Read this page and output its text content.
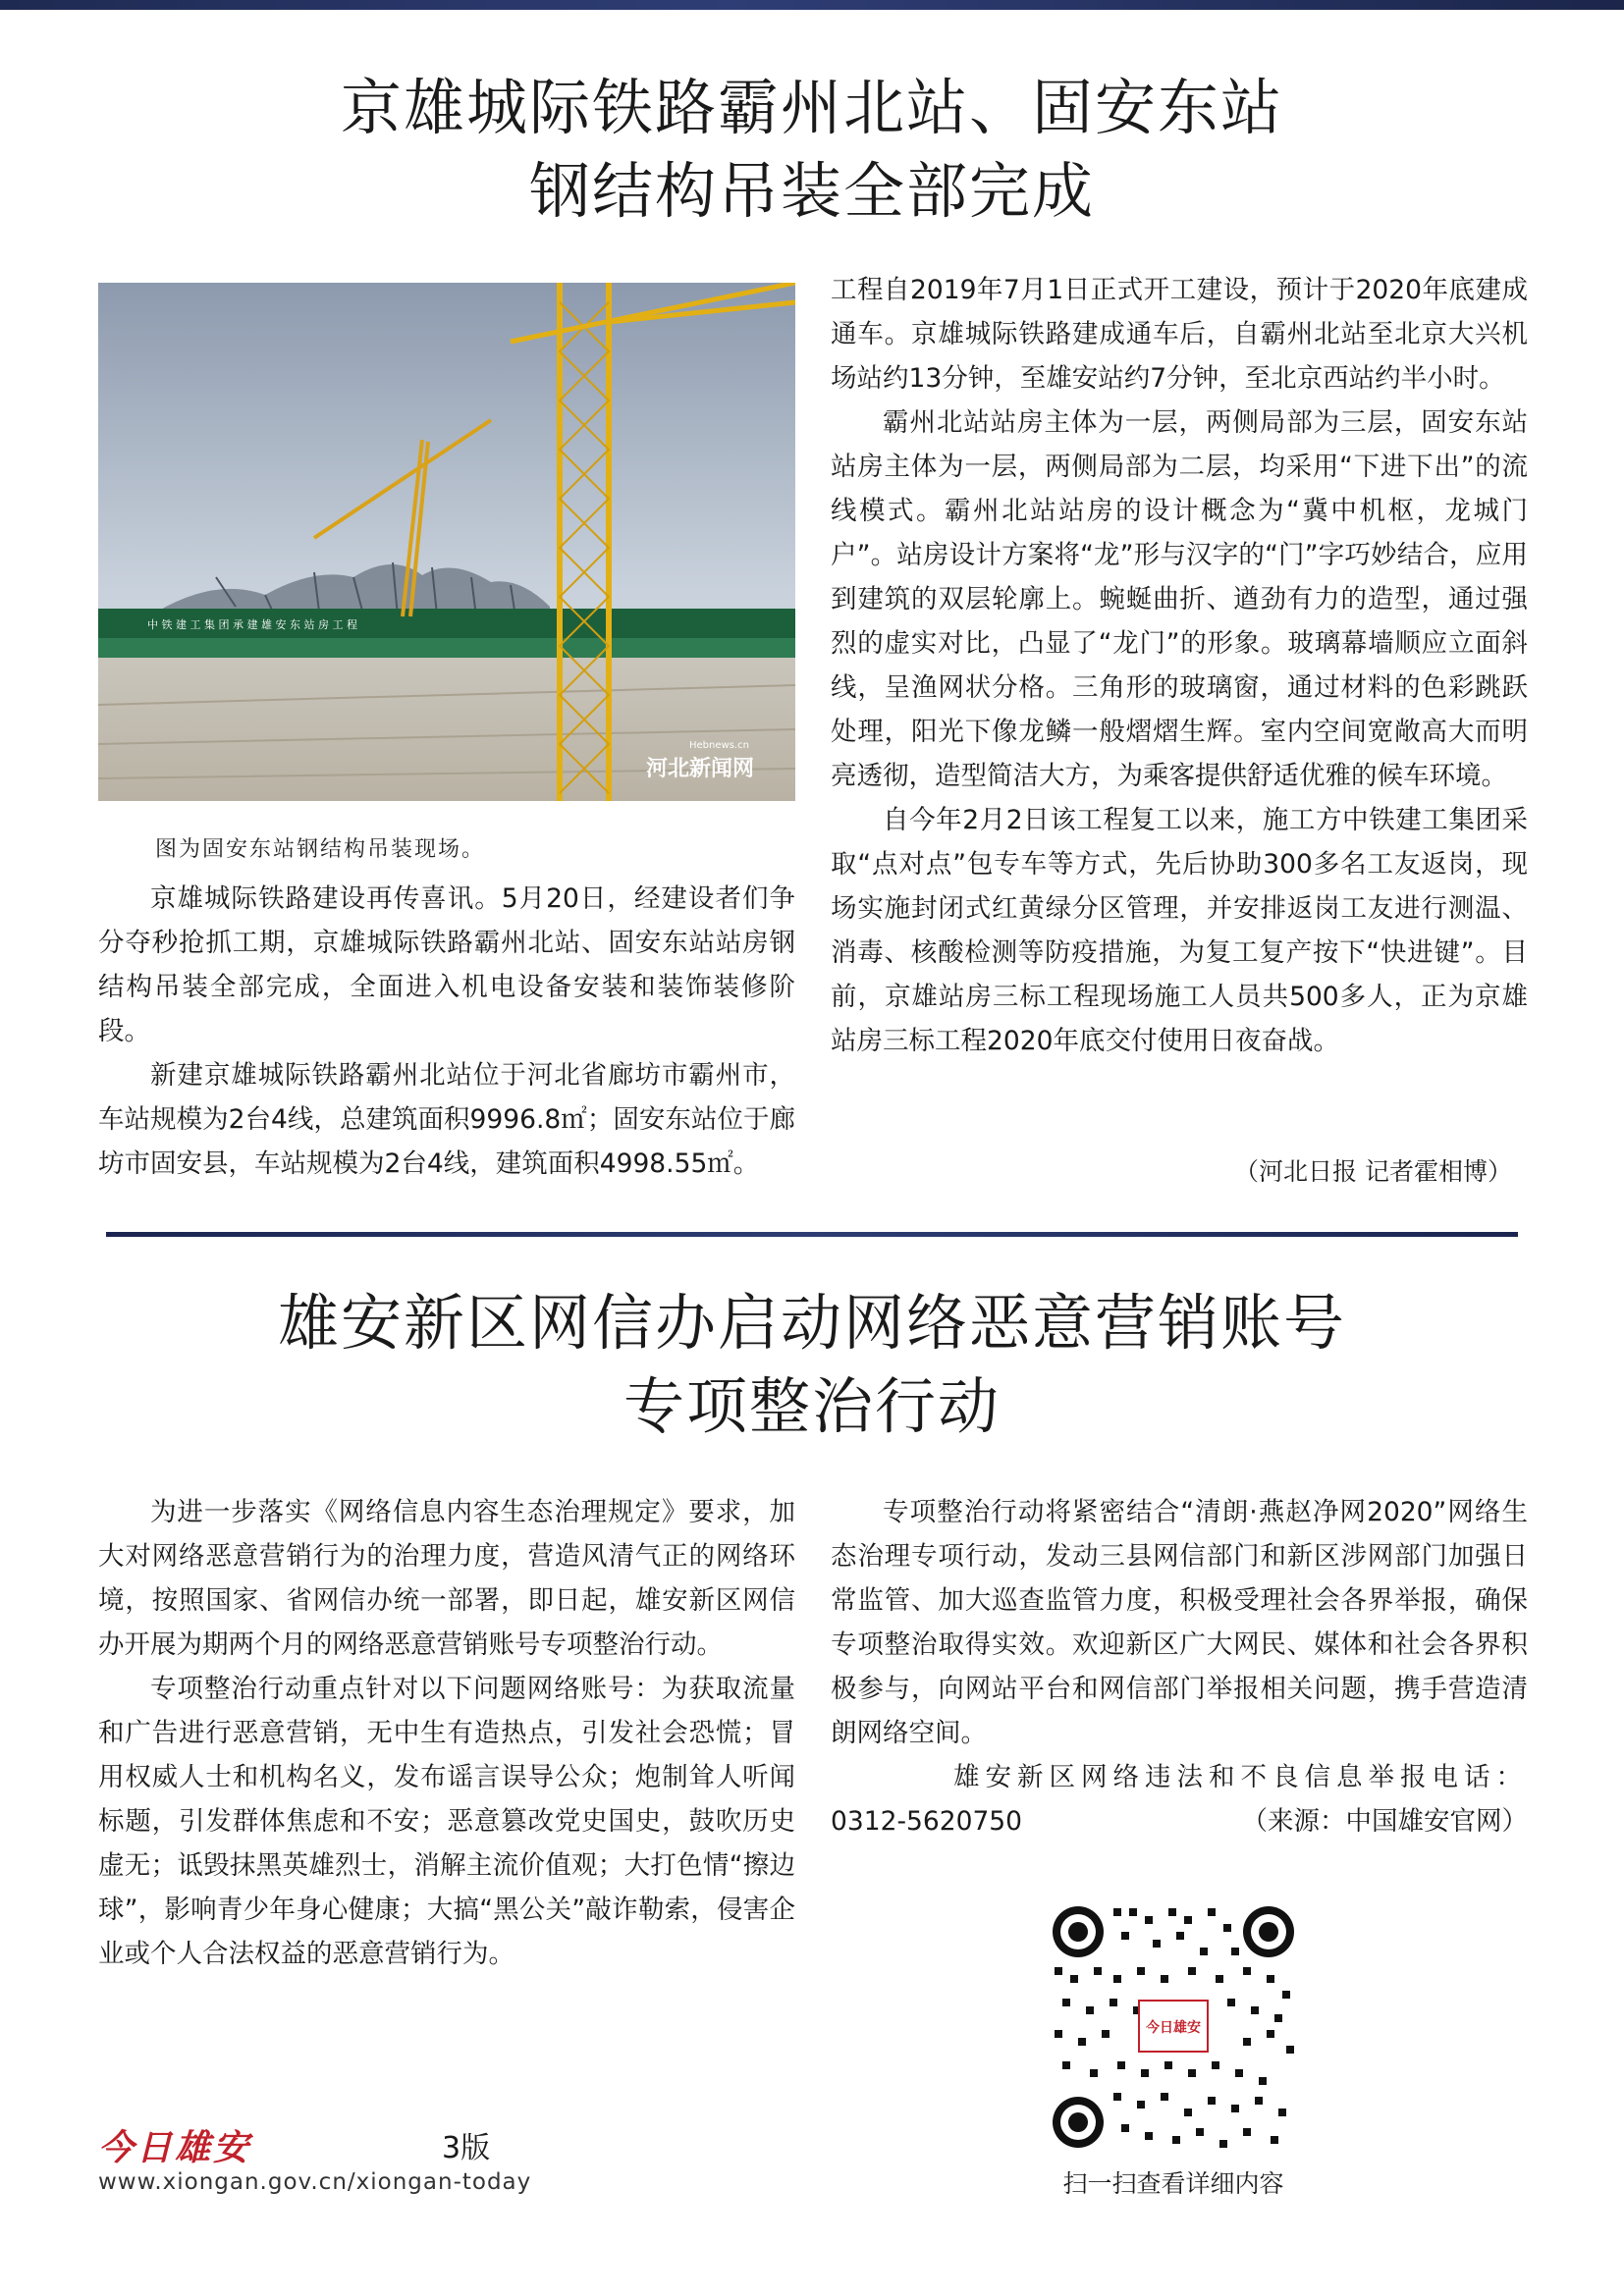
京雄城际铁路霸州北站、固安东站
钢结构吊装全部完成
中 铁 建 工 集 团 承 建 雄 安 东 站 房 工 程
Hebnews.cn
河北新闻网
图为固安东站钢结构吊装现场。

京雄城际铁路建设再传喜讯。5月20日，经建设者们争分夺秒抢抓工期，京雄城际铁路霸州北站、固安东站站房钢结构吊装全部完成，全面进入机电设备安装和装饰装修阶段。

新建京雄城际铁路霸州北站位于河北省廊坊市霸州市，车站规模为2台4线，总建筑面积9996.8㎡；固安东站位于廊坊市固安县，车站规模为2台4线，建筑面积4998.55㎡。

工程自2019年7月1日正式开工建设，预计于2020年底建成通车。京雄城际铁路建成通车后，自霸州北站至北京大兴机场站约13分钟，至雄安站约7分钟，至北京西站约半小时。

霸州北站站房主体为一层，两侧局部为三层，固安东站站房主体为一层，两侧局部为二层，均采用“下进下出”的流线模式。霸州北站站房的设计概念为“冀中机枢，龙城门户”。站房设计方案将“龙”形与汉字的“门”字巧妙结合，应用到建筑的双层轮廓上。蜿蜒曲折、遒劲有力的造型，通过强烈的虚实对比，凸显了“龙门”的形象。玻璃幕墙顺应立面斜线，呈渔网状分格。三角形的玻璃窗，通过材料的色彩跳跃处理，阳光下像龙鳞一般熠熠生辉。室内空间宽敞高大而明亮透彻，造型简洁大方，为乘客提供舒适优雅的候车环境。

自今年2月2日该工程复工以来，施工方中铁建工集团采取“点对点”包专车等方式，先后协助300多名工友返岗，现场实施封闭式红黄绿分区管理，并安排返岗工友进行测温、消毒、核酸检测等防疫措施，为复工复产按下“快进键”。目前，京雄站房三标工程现场施工人员共500多人，正为京雄站房三标工程2020年底交付使用日夜奋战。

（河北日报 记者霍相博）
雄安新区网信办启动网络恶意营销账号
专项整治行动

为进一步落实《网络信息内容生态治理规定》要求，加大对网络恶意营销行为的治理力度，营造风清气正的网络环境，按照国家、省网信办统一部署，即日起，雄安新区网信办开展为期两个月的网络恶意营销账号专项整治行动。

专项整治行动重点针对以下问题网络账号：为获取流量和广告进行恶意营销，无中生有造热点，引发社会恐慌；冒用权威人士和机构名义，发布谣言误导公众；炮制耸人听闻标题，引发群体焦虑和不安；恶意篡改党史国史，鼓吹历史虚无；诋毁抹黑英雄烈士，消解主流价值观；大打色情“擦边球”，影响青少年身心健康；大搞“黑公关”敲诈勒索，侵害企业或个人合法权益的恶意营销行为。

专项整治行动将紧密结合“清朗·燕赵净网2020”网络生态治理专项行动，发动三县网信部门和新区涉网部门加强日常监管、加大巡查监管力度，积极受理社会各界举报，确保专项整治取得实效。欢迎新区广大网民、媒体和社会各界积极参与，向网站平台和网信部门举报相关问题，携手营造清朗网络空间。

雄安新区网络违法和不良信息举报电话：
0312-5620750	（来源：中国雄安官网）
今日雄安
扫一扫查看详细内容
今日雄安	3版
www.xiongan.gov.cn/xiongan-today
